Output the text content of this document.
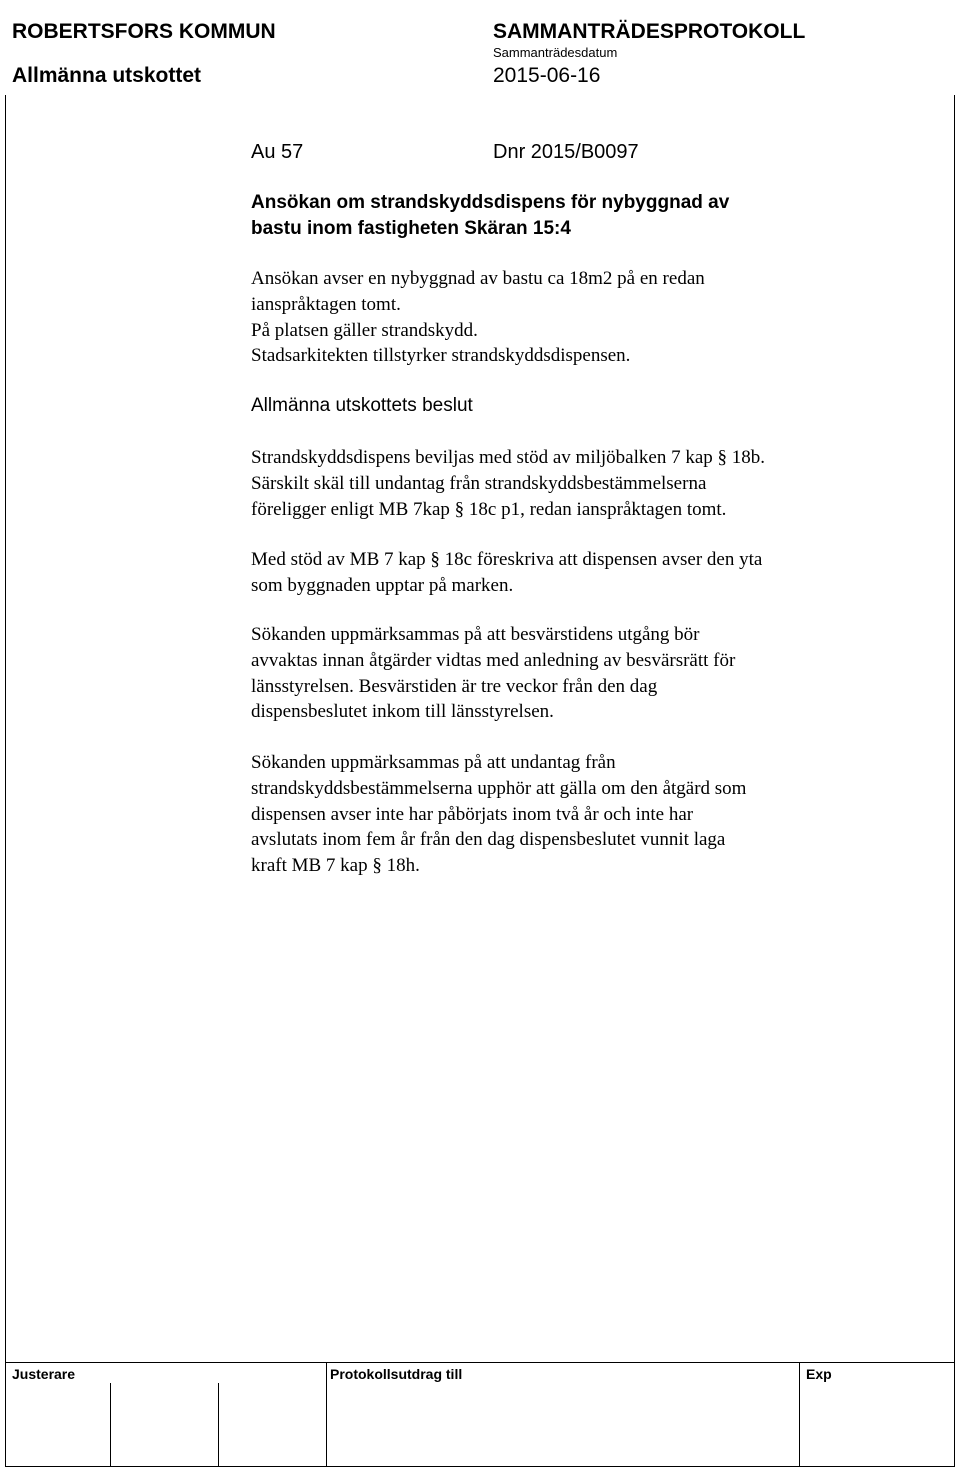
ROBERTSFORS KOMMUN
Allmänna utskottet
SAMMANTRÄDESPROTOKOLL
Sammanträdesdatum
2015-06-16
Au 57	Dnr 2015/B0097
Ansökan om strandskyddsdispens för nybyggnad av
bastu inom fastigheten Skäran 15:4

Ansökan avser en nybyggnad av bastu ca 18m2 på en redan

ianspråktagen tomt.

På platsen gäller strandskydd.

Stadsarkitekten tillstyrker strandskyddsdispensen.

Allmänna utskottets beslut

Strandskyddsdispens beviljas med stöd av miljöbalken 7 kap § 18b.

Särskilt skäl till undantag från strandskyddsbestämmelserna

föreligger enligt MB 7kap § 18c p1, redan ianspråktagen tomt.

Med stöd av MB 7 kap § 18c föreskriva att dispensen avser den yta

som byggnaden upptar på marken.

Sökanden uppmärksammas på att besvärstidens utgång bör

avvaktas innan åtgärder vidtas med anledning av besvärsrätt för

länsstyrelsen. Besvärstiden är tre veckor från den dag

dispensbeslutet inkom till länsstyrelsen.

Sökanden uppmärksammas på att undantag från

strandskyddsbestämmelserna upphör att gälla om den åtgärd som

dispensen avser inte har påbörjats inom två år och inte har

avslutats inom fem år från den dag dispensbeslutet vunnit laga

kraft MB 7 kap § 18h.

Justerare	Protokollsutdrag till	Exp
